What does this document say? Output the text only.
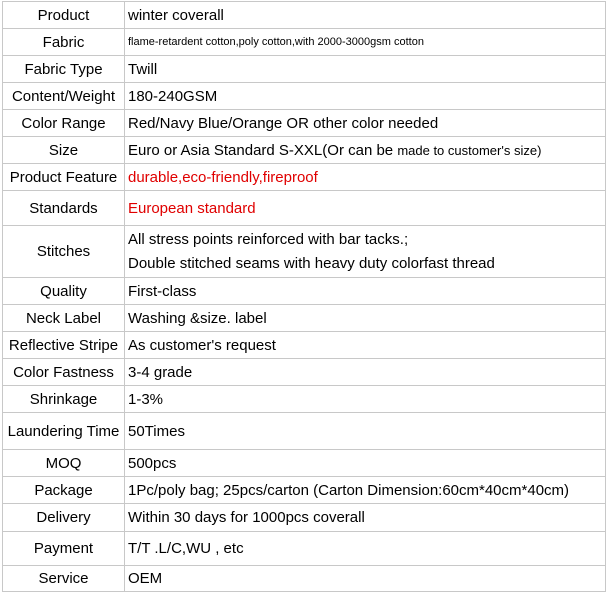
Product	winter coverall
Fabric	flame-retardent cotton,poly cotton,with 2000-3000gsm cotton
Fabric Type	Twill
Content/Weight	180-240GSM
Color Range	Red/Navy Blue/Orange OR other color needed
Size	Euro or Asia Standard S-XXL(Or can be made to customer's size)
Product Feature	durable,eco-friendly,fireproof
Standards	European standard
Stitches	All stress points reinforced with bar tacks.;
Double stitched seams with heavy duty colorfast thread

Quality	First-class
Neck Label	Washing &size. label
Reflective Stripe	As customer's request
Color Fastness	3-4 grade
Shrinkage	1-3%
Laundering Time	50Times
MOQ	500pcs
Package	1Pc/poly bag; 25pcs/carton (Carton Dimension:60cm*40cm*40cm)
Delivery	Within 30 days for 1000pcs coverall
Payment	T/T .L/C,WU , etc
Service	OEM
